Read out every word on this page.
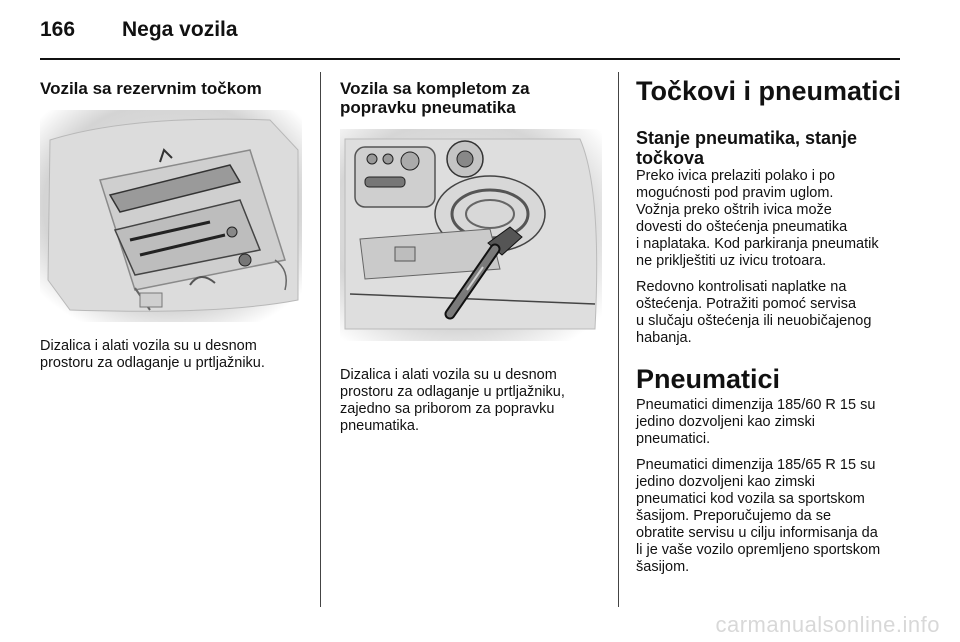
166 Nega vozila
Vozila sa rezervnim točkom

Dizalica i alati vozila su u desnom
prostoru za odlaganje u prtljažniku.

Vozila sa kompletom za
popravku pneumatika

Dizalica i alati vozila su u desnom
prostoru za odlaganje u prtljažniku,
zajedno sa priborom za popravku
pneumatika.

Točkovi i pneumatici
Stanje pneumatika, stanje
točkova

Preko ivica prelaziti polako i po
mogućnosti pod pravim uglom.
Vožnja preko oštrih ivica može
dovesti do oštećenja pneumatika
i naplataka. Kod parkiranja pneumatik
ne priklještiti uz ivicu trotoara.

Redovno kontrolisati naplatke na
oštećenja. Potražiti pomoć servisa
u slučaju oštećenja ili neuobičajenog
habanja.

Pneumatici

Pneumatici dimenzija 185/60 R 15 su
jedino dozvoljeni kao zimski
pneumatici.

Pneumatici dimenzija 185/65 R 15 su
jedino dozvoljeni kao zimski
pneumatici kod vozila sa sportskom
šasijom. Preporučujemo da se
obratite servisu u cilju informisanja da
li je vaše vozilo opremljeno sportskom
šasijom.

carmanualsonline.info
